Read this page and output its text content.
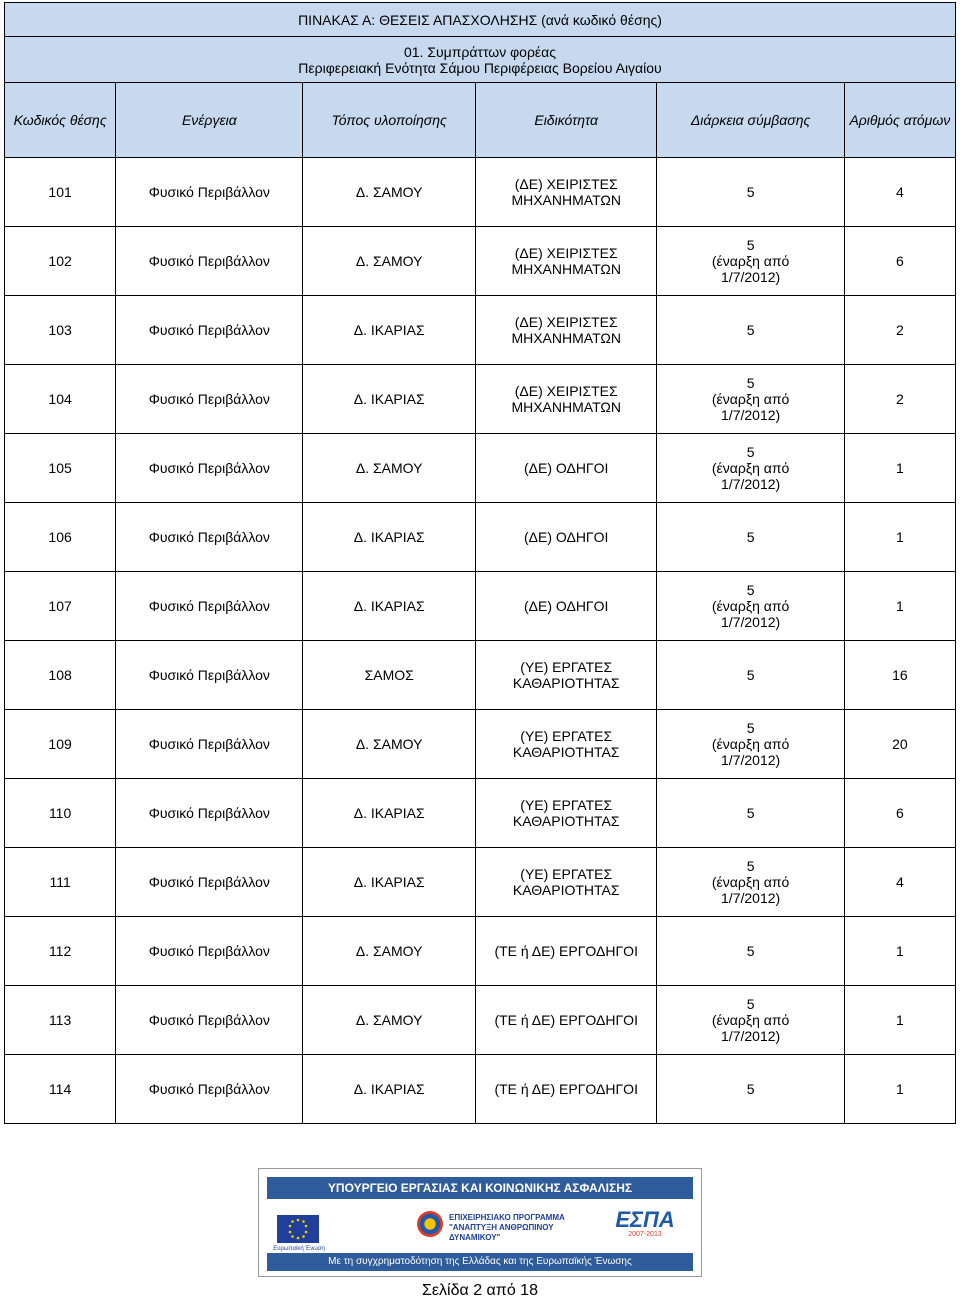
ΠΙΝΑΚΑΣ Α: ΘΕΣΕΙΣ ΑΠΑΣΧΟΛΗΣΗΣ (ανά κωδικό θέσης)					

01. Συμπράττων φορέας
Περιφερειακή Ενότητα Σάμου Περιφέρειας Βορείου Αιγαίου					

Κωδικός θέσης	Ενέργεια	Τόπος υλοποίησης	Ειδικότητα	Διάρκεια σύμβασης	Αριθμός ατόμων
101	Φυσικό Περιβάλλον	Δ. ΣΑΜΟΥ	(ΔΕ) ΧΕΙΡΙΣΤΕΣ
ΜΗΧΑΝΗΜΑΤΩΝ	5	4
102	Φυσικό Περιβάλλον	Δ. ΣΑΜΟΥ	(ΔΕ) ΧΕΙΡΙΣΤΕΣ
ΜΗΧΑΝΗΜΑΤΩΝ	5
(έναρξη από
1/7/2012)	6
103	Φυσικό Περιβάλλον	Δ. ΙΚΑΡΙΑΣ	(ΔΕ) ΧΕΙΡΙΣΤΕΣ
ΜΗΧΑΝΗΜΑΤΩΝ	5	2
104	Φυσικό Περιβάλλον	Δ. ΙΚΑΡΙΑΣ	(ΔΕ) ΧΕΙΡΙΣΤΕΣ
ΜΗΧΑΝΗΜΑΤΩΝ	5
(έναρξη από
1/7/2012)	2
105	Φυσικό Περιβάλλον	Δ. ΣΑΜΟΥ	(ΔΕ) ΟΔΗΓΟΙ	5
(έναρξη από
1/7/2012)	1
106	Φυσικό Περιβάλλον	Δ. ΙΚΑΡΙΑΣ	(ΔΕ) ΟΔΗΓΟΙ	5	1
107	Φυσικό Περιβάλλον	Δ. ΙΚΑΡΙΑΣ	(ΔΕ) ΟΔΗΓΟΙ	5
(έναρξη από
1/7/2012)	1
108	Φυσικό Περιβάλλον	ΣΑΜΟΣ	(ΥΕ) ΕΡΓΑΤΕΣ
ΚΑΘΑΡΙΟΤΗΤΑΣ	5	16
109	Φυσικό Περιβάλλον	Δ. ΣΑΜΟΥ	(ΥΕ) ΕΡΓΑΤΕΣ
ΚΑΘΑΡΙΟΤΗΤΑΣ	5
(έναρξη από
1/7/2012)	20
110	Φυσικό Περιβάλλον	Δ. ΙΚΑΡΙΑΣ	(ΥΕ) ΕΡΓΑΤΕΣ
ΚΑΘΑΡΙΟΤΗΤΑΣ	5	6
111	Φυσικό Περιβάλλον	Δ. ΙΚΑΡΙΑΣ	(ΥΕ) ΕΡΓΑΤΕΣ
ΚΑΘΑΡΙΟΤΗΤΑΣ	5
(έναρξη από
1/7/2012)	4
112	Φυσικό Περιβάλλον	Δ. ΣΑΜΟΥ	(ΤΕ ή ΔΕ) ΕΡΓΟΔΗΓΟΙ	5	1
113	Φυσικό Περιβάλλον	Δ. ΣΑΜΟΥ	(ΤΕ ή ΔΕ) ΕΡΓΟΔΗΓΟΙ	5
(έναρξη από
1/7/2012)	1
114	Φυσικό Περιβάλλον	Δ. ΙΚΑΡΙΑΣ	(ΤΕ ή ΔΕ) ΕΡΓΟΔΗΓΟΙ	5	1
ΥΠΟΥΡΓΕΙΟ ΕΡΓΑΣΙΑΣ ΚΑΙ ΚΟΙΝΩΝΙΚΗΣ ΑΣΦΑΛΙΣΗΣ
Ευρωπαϊκή Ένωση
ΕΠΙΧΕΙΡΗΣΙΑΚΟ ΠΡΟΓΡΑΜΜΑ
"ΑΝΑΠΤΥΞΗ ΑΝΘΡΩΠΙΝΟΥ ΔΥΝΑΜΙΚΟΥ"
ΕΣΠΑ
2007-2013
Με τη συγχρηματοδότηση της Ελλάδας και της Ευρωπαϊκής Ένωσης
Σελίδα 2 από 18
